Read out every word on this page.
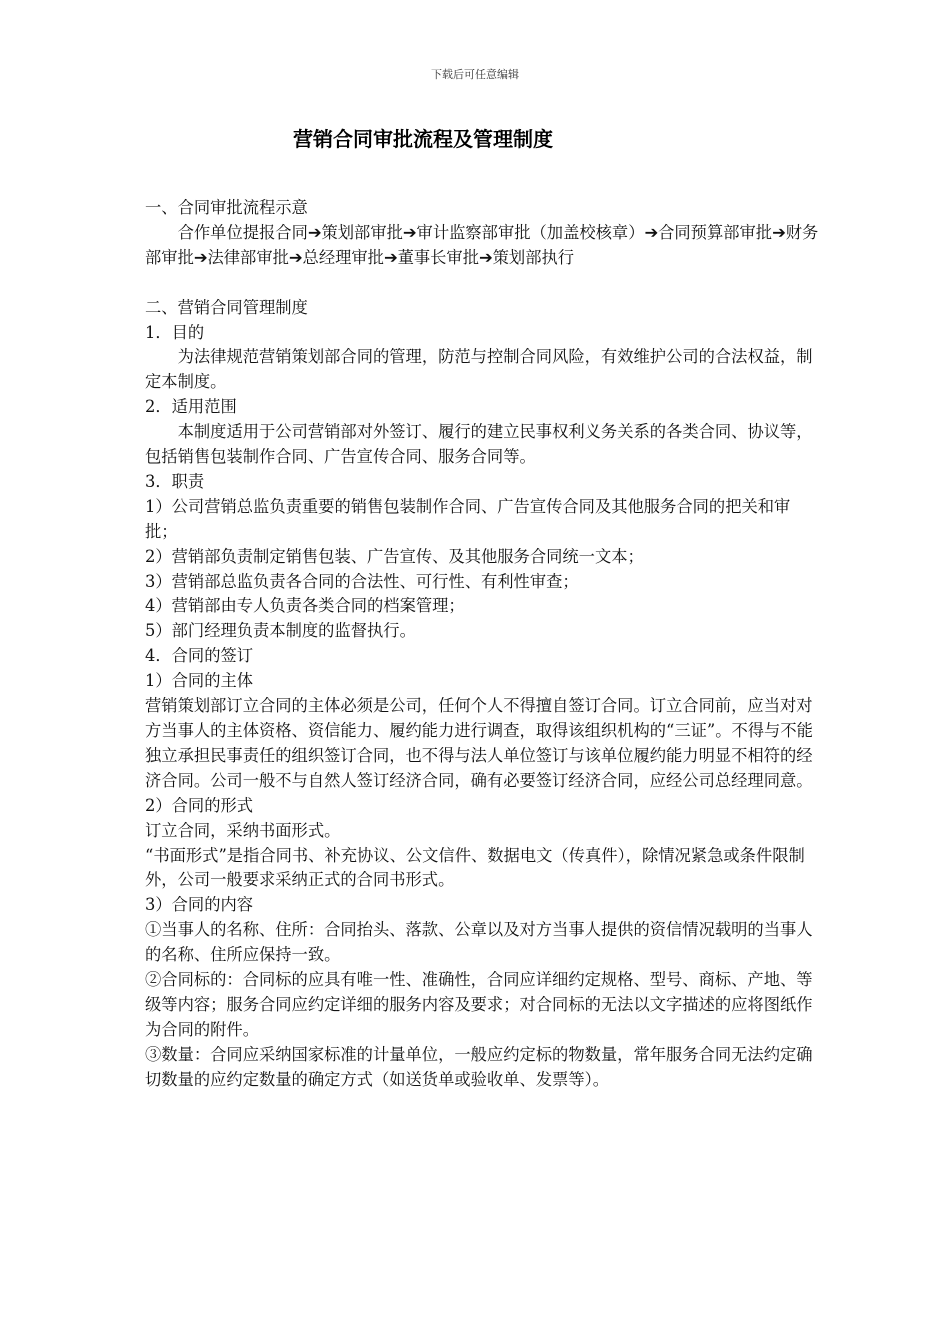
下载后可任意编辑
营销合同审批流程及管理制度

一、合同审批流程示意

合作单位提报合同➔策划部审批➔审计监察部审批（加盖校核章）➔合同预算部审批➔财务部审批➔法律部审批➔总经理审批➔董事长审批➔策划部执行

二、营销合同管理制度

1．目的

为法律规范营销策划部合同的管理，防范与控制合同风险，有效维护公司的合法权益，制定本制度。

2．适用范围

本制度适用于公司营销部对外签订、履行的建立民事权利义务关系的各类合同、协议等，包括销售包装制作合同、广告宣传合同、服务合同等。

3．职责

1）公司营销总监负责重要的销售包装制作合同、广告宣传合同及其他服务合同的把关和审批；

2）营销部负责制定销售包装、广告宣传、及其他服务合同统一文本；

3）营销部总监负责各合同的合法性、可行性、有利性审查；

4）营销部由专人负责各类合同的档案管理；

5）部门经理负责本制度的监督执行。

4．合同的签订

1）合同的主体

营销策划部订立合同的主体必须是公司，任何个人不得擅自签订合同。订立合同前，应当对对方当事人的主体资格、资信能力、履约能力进行调查，取得该组织机构的“三证”。不得与不能独立承担民事责任的组织签订合同，也不得与法人单位签订与该单位履约能力明显不相符的经济合同。公司一般不与自然人签订经济合同，确有必要签订经济合同，应经公司总经理同意。

2）合同的形式

订立合同，采纳书面形式。

“书面形式”是指合同书、补充协议、公文信件、数据电文（传真件），除情况紧急或条件限制外，公司一般要求采纳正式的合同书形式。

3）合同的内容

①当事人的名称、住所：合同抬头、落款、公章以及对方当事人提供的资信情况载明的当事人的名称、住所应保持一致。

②合同标的：合同标的应具有唯一性、准确性，合同应详细约定规格、型号、商标、产地、等级等内容；服务合同应约定详细的服务内容及要求；对合同标的无法以文字描述的应将图纸作为合同的附件。

③数量：合同应采纳国家标准的计量单位，一般应约定标的物数量，常年服务合同无法约定确切数量的应约定数量的确定方式（如送货单或验收单、发票等）。
